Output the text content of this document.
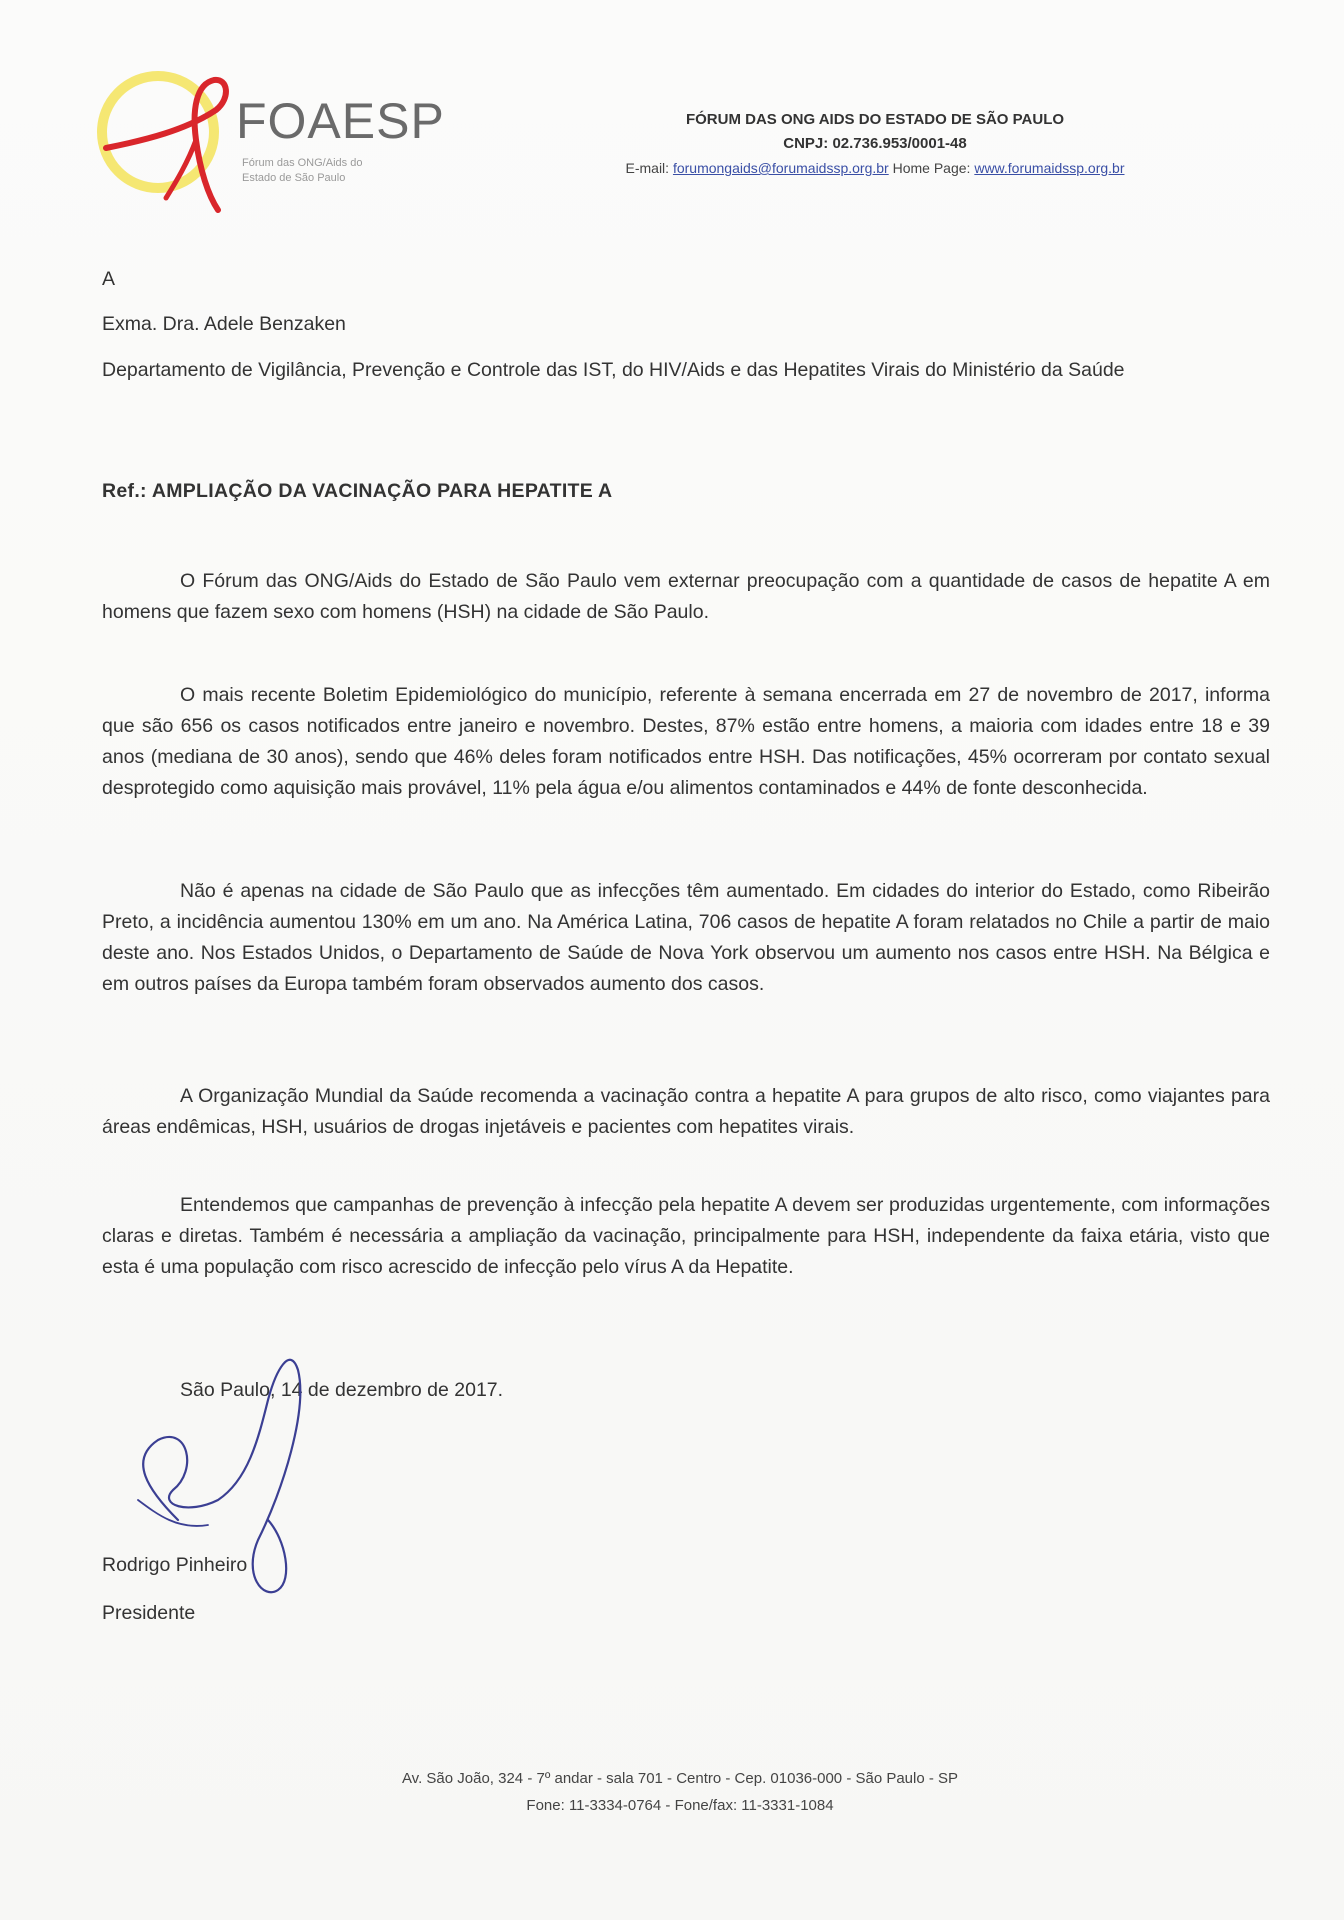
FOAESP
Fórum das ONG/Aids do Estado de São Paulo
FÓRUM DAS ONG AIDS DO ESTADO DE SÃO PAULO
CNPJ: 02.736.953/0001-48
E-mail: forumongaids@forumaidssp.org.br Home Page: www.forumaidssp.org.br
A
Exma. Dra. Adele Benzaken
Departamento de Vigilância, Prevenção e Controle das IST, do HIV/Aids e das Hepatites Virais do Ministério da Saúde
Ref.: AMPLIAÇÃO DA VACINAÇÃO PARA HEPATITE A
O Fórum das ONG/Aids do Estado de São Paulo vem externar preocupação com a quantidade de casos de hepatite A em homens que fazem sexo com homens (HSH) na cidade de São Paulo.
O mais recente Boletim Epidemiológico do município, referente à semana encerrada em 27 de novembro de 2017, informa que são 656 os casos notificados entre janeiro e novembro. Destes, 87% estão entre homens, a maioria com idades entre 18 e 39 anos (mediana de 30 anos), sendo que 46% deles foram notificados entre HSH. Das notificações, 45% ocorreram por contato sexual desprotegido como aquisição mais provável, 11% pela água e/ou alimentos contaminados e 44% de fonte desconhecida.
Não é apenas na cidade de São Paulo que as infecções têm aumentado. Em cidades do interior do Estado, como Ribeirão Preto, a incidência aumentou 130% em um ano. Na América Latina, 706 casos de hepatite A foram relatados no Chile a partir de maio deste ano. Nos Estados Unidos, o Departamento de Saúde de Nova York observou um aumento nos casos entre HSH. Na Bélgica e em outros países da Europa também foram observados aumento dos casos.
A Organização Mundial da Saúde recomenda a vacinação contra a hepatite A para grupos de alto risco, como viajantes para áreas endêmicas, HSH, usuários de drogas injetáveis e pacientes com hepatites virais.
Entendemos que campanhas de prevenção à infecção pela hepatite A devem ser produzidas urgentemente, com informações claras e diretas. Também é necessária a ampliação da vacinação, principalmente para HSH, independente da faixa etária, visto que esta é uma população com risco acrescido de infecção pelo vírus A da Hepatite.
São Paulo, 14 de dezembro de 2017.
Rodrigo Pinheiro
Presidente
Av. São João, 324 - 7º andar - sala 701 - Centro - Cep. 01036-000 - São Paulo - SP
Fone: 11-3334-0764 - Fone/fax: 11-3331-1084
